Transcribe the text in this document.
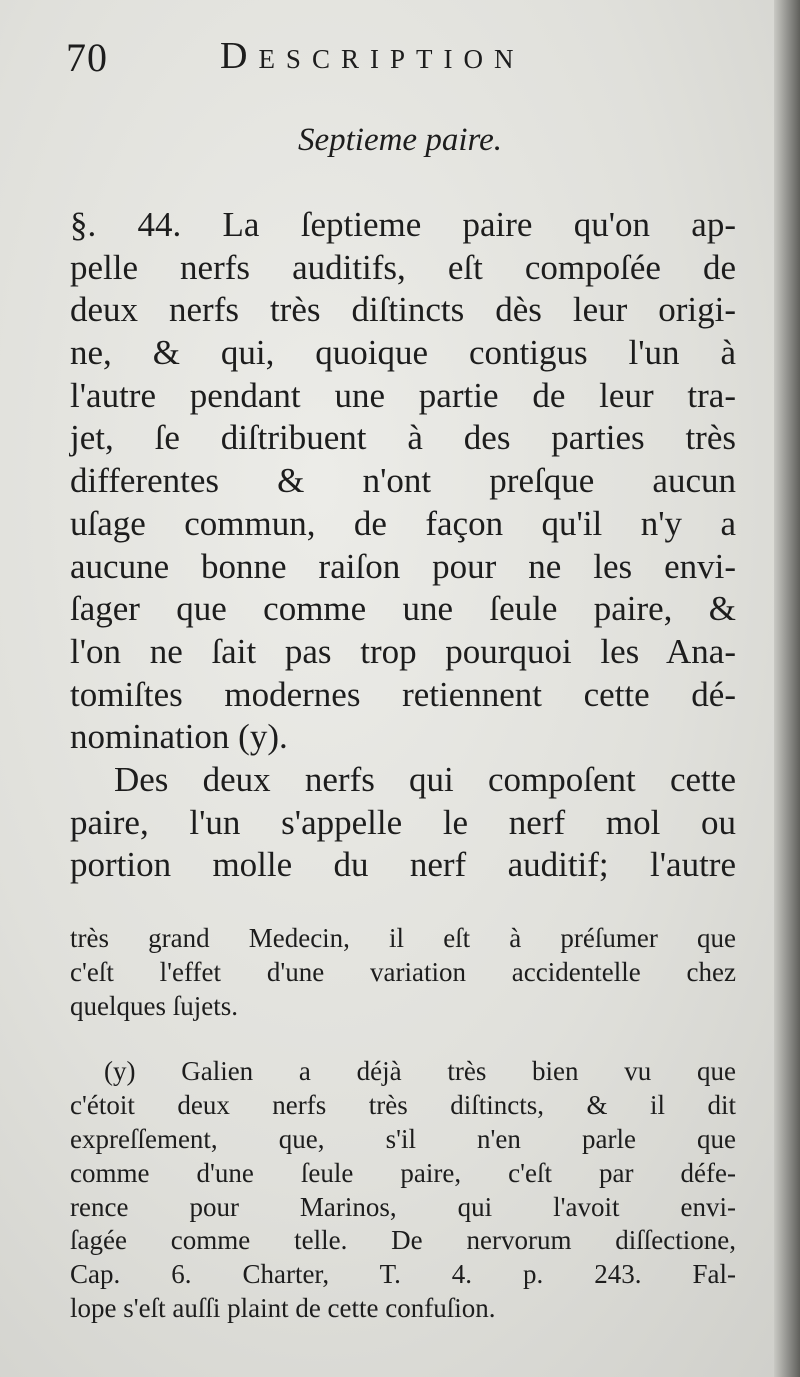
70	Description
Septieme paire.
§. 44. La ſeptieme paire qu'on ap-
pelle nerfs auditifs, eſt compoſée de
deux nerfs très diſtincts dès leur origi-
ne, & qui, quoique contigus l'un à
l'autre pendant une partie de leur tra-
jet, ſe diſtribuent à des parties très
differentes & n'ont preſque aucun
uſage commun, de façon qu'il n'y a
aucune bonne raiſon pour ne les envi-
ſager que comme une ſeule paire, &
l'on ne ſait pas trop pourquoi les Ana-
tomiſtes modernes retiennent cette dé-
nomination (y).
Des deux nerfs qui compoſent cette
paire, l'un s'appelle le nerf mol ou
portion molle du nerf auditif; l'autre
très grand Medecin, il eſt à préſumer que
c'eſt l'effet d'une variation accidentelle chez
quelques ſujets.
(y) Galien a déjà très bien vu que
c'étoit deux nerfs très diſtincts, & il dit
expreſſement, que, s'il n'en parle que
comme d'une ſeule paire, c'eſt par défe-
rence pour Marinos, qui l'avoit envi-
ſagée comme telle. De nervorum diſſectione,
Cap. 6. Charter, T. 4. p. 243. Fal-
lope s'eſt auſſi plaint de cette confuſion.
